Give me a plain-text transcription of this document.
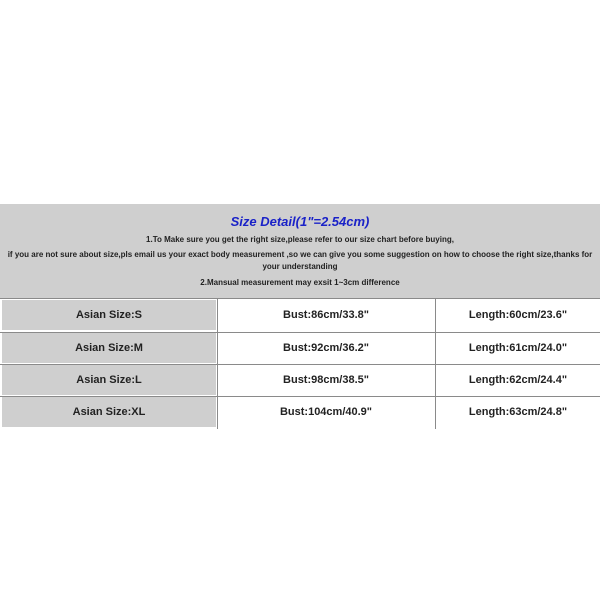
Size Detail(1"=2.54cm)
1.To Make sure you get the right size,please refer to our size chart before buying,
if you are not sure about size,pls email us your exact body measurement ,so we can give you some suggestion on how to choose the right size,thanks for your understanding
2.Mansual measurement may exsit 1~3cm difference
Asian Size:S	Bust:86cm/33.8"	Length:60cm/23.6"
Asian Size:M	Bust:92cm/36.2"	Length:61cm/24.0"
Asian Size:L	Bust:98cm/38.5"	Length:62cm/24.4"
Asian Size:XL	Bust:104cm/40.9"	Length:63cm/24.8"
